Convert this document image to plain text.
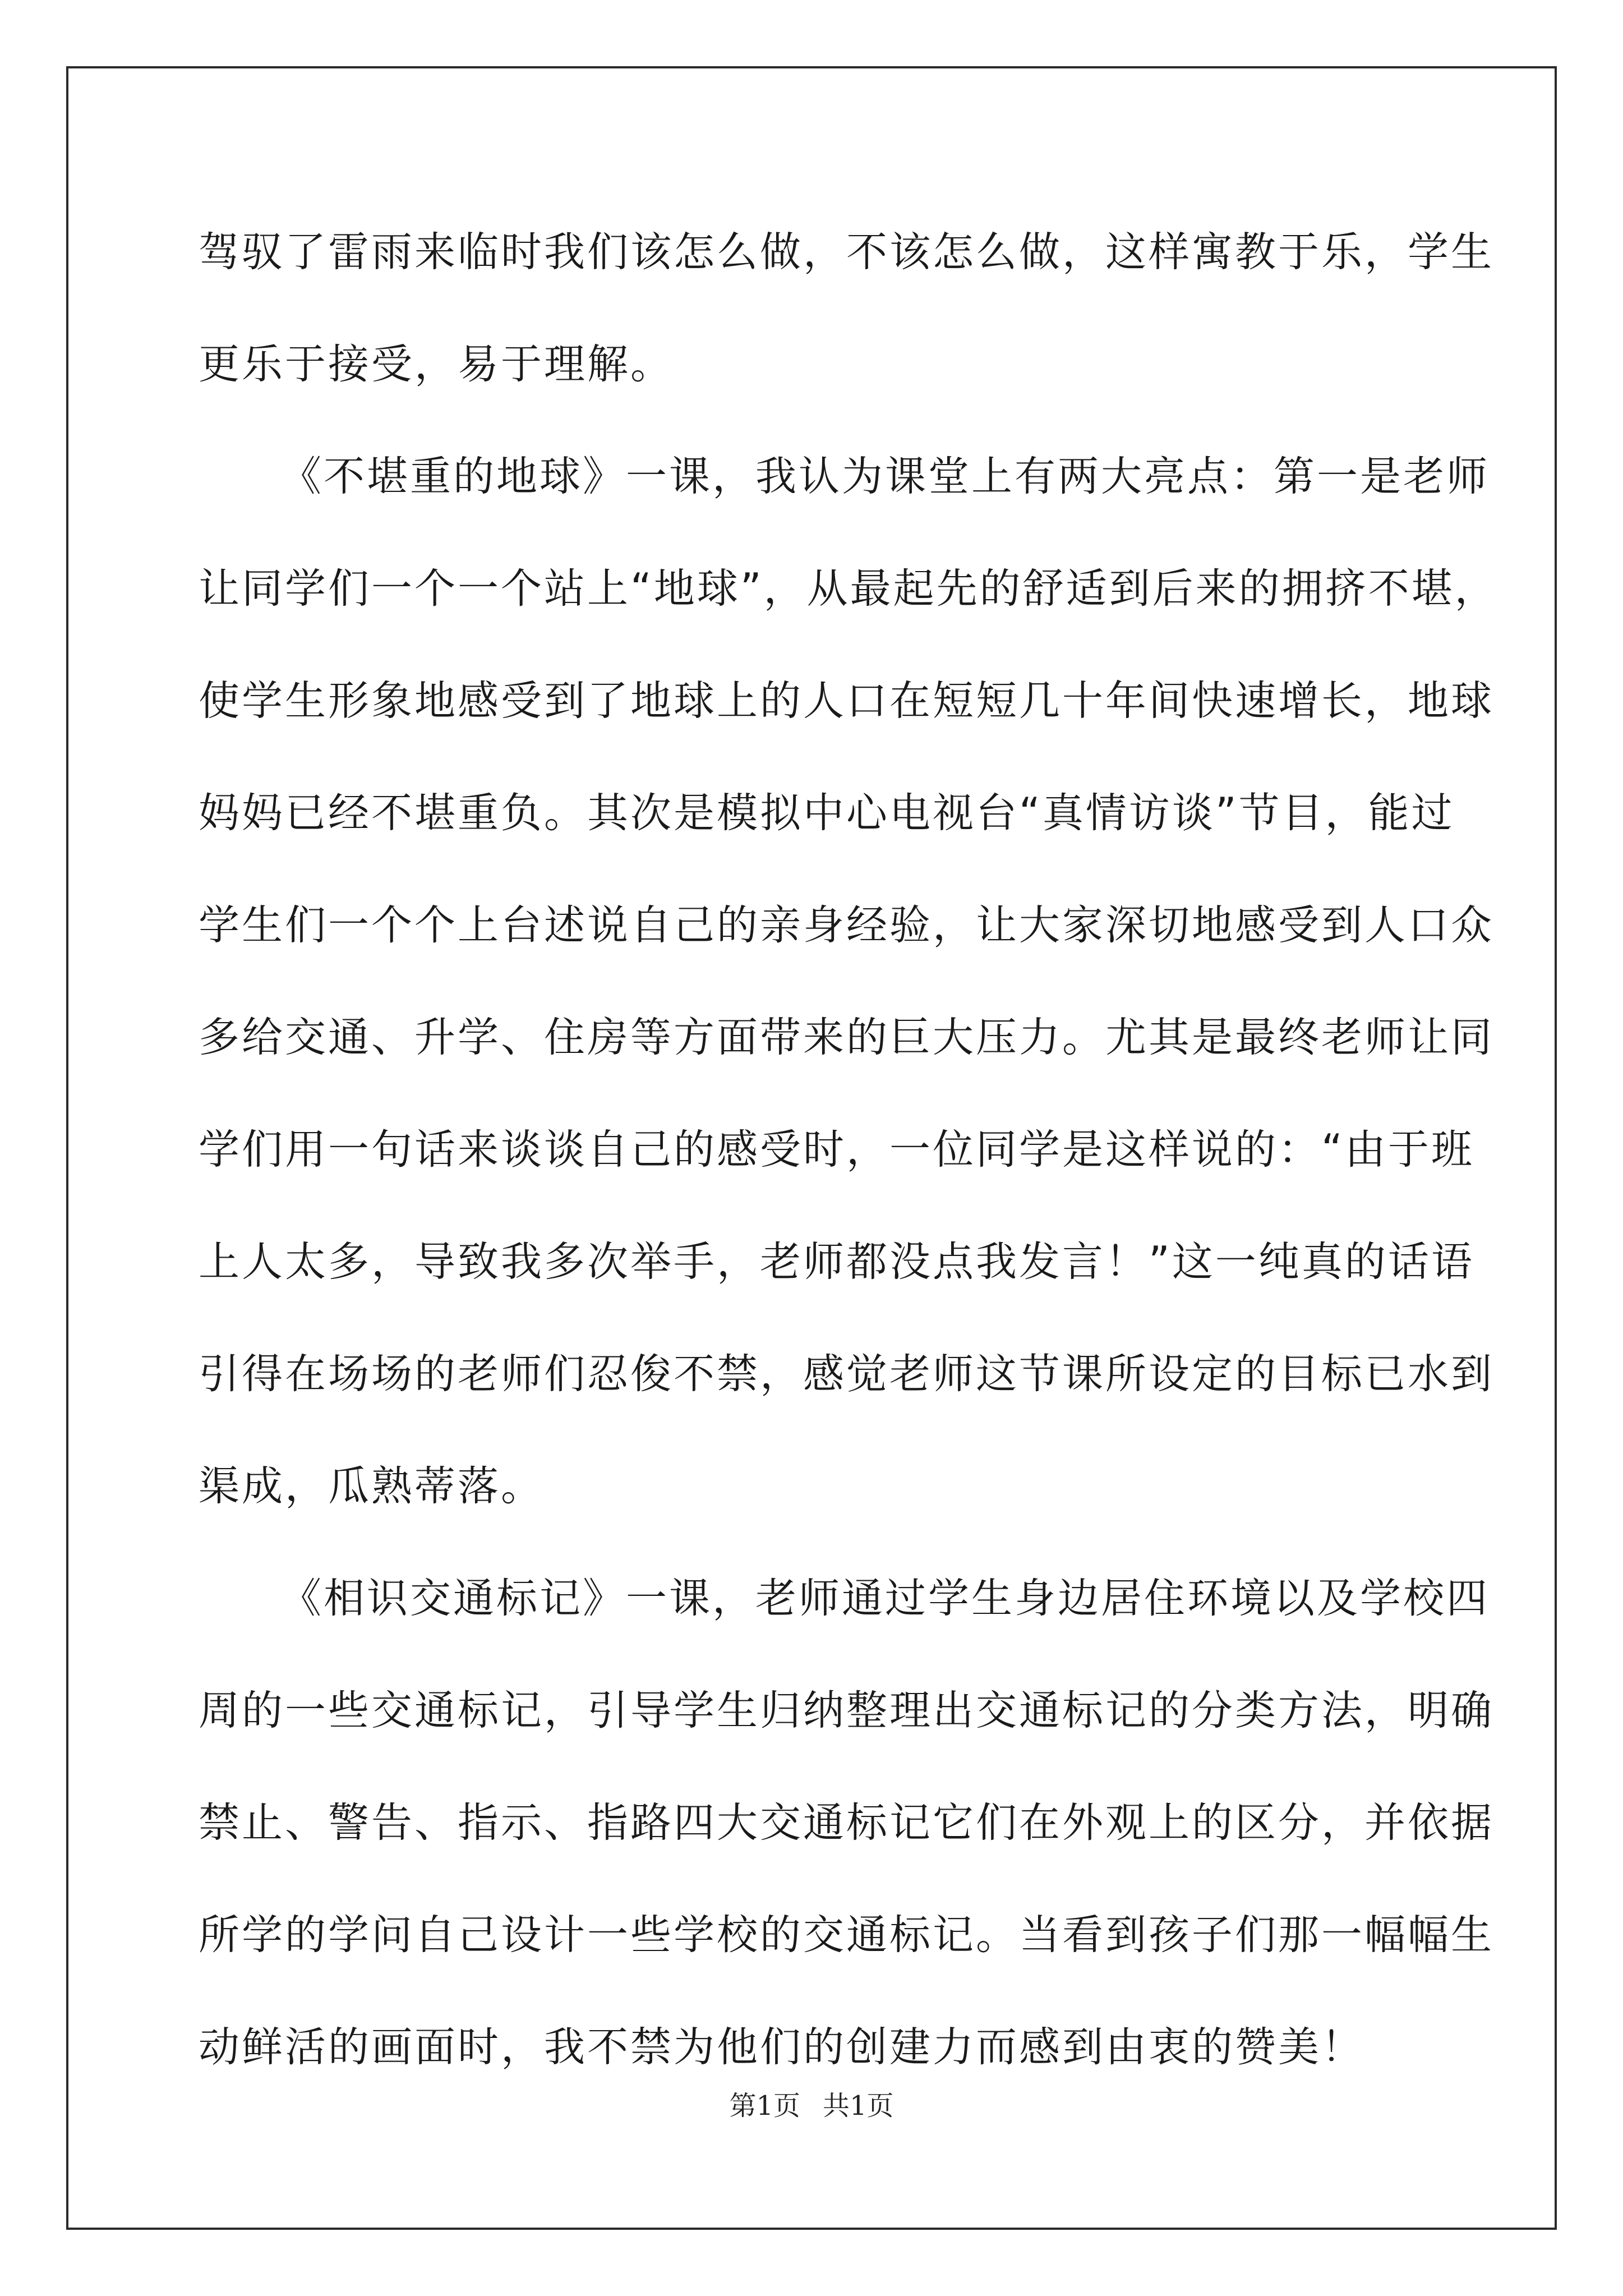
驾驭了雷雨来临时我们该怎么做，不该怎么做，这样寓教于乐，学生
更乐于接受，易于理解。
《不堪重的地球》一课，我认为课堂上有两大亮点：第一是老师
让同学们一个一个站上“地球”，从最起先的舒适到后来的拥挤不堪，
使学生形象地感受到了地球上的人口在短短几十年间快速增长，地球
妈妈已经不堪重负。其次是模拟中心电视台“真情访谈”节目，能过
学生们一个个上台述说自己的亲身经验，让大家深切地感受到人口众
多给交通、升学、住房等方面带来的巨大压力。尤其是最终老师让同
学们用一句话来谈谈自己的感受时，一位同学是这样说的：“由于班
上人太多，导致我多次举手，老师都没点我发言！”这一纯真的话语
引得在场场的老师们忍俊不禁，感觉老师这节课所设定的目标已水到
渠成，瓜熟蒂落。
《相识交通标记》一课，老师通过学生身边居住环境以及学校四
周的一些交通标记，引导学生归纳整理出交通标记的分类方法，明确
禁止、警告、指示、指路四大交通标记它们在外观上的区分，并依据
所学的学问自己设计一些学校的交通标记。当看到孩子们那一幅幅生
动鲜活的画面时，我不禁为他们的创建力而感到由衷的赞美！
第1页 共1页
